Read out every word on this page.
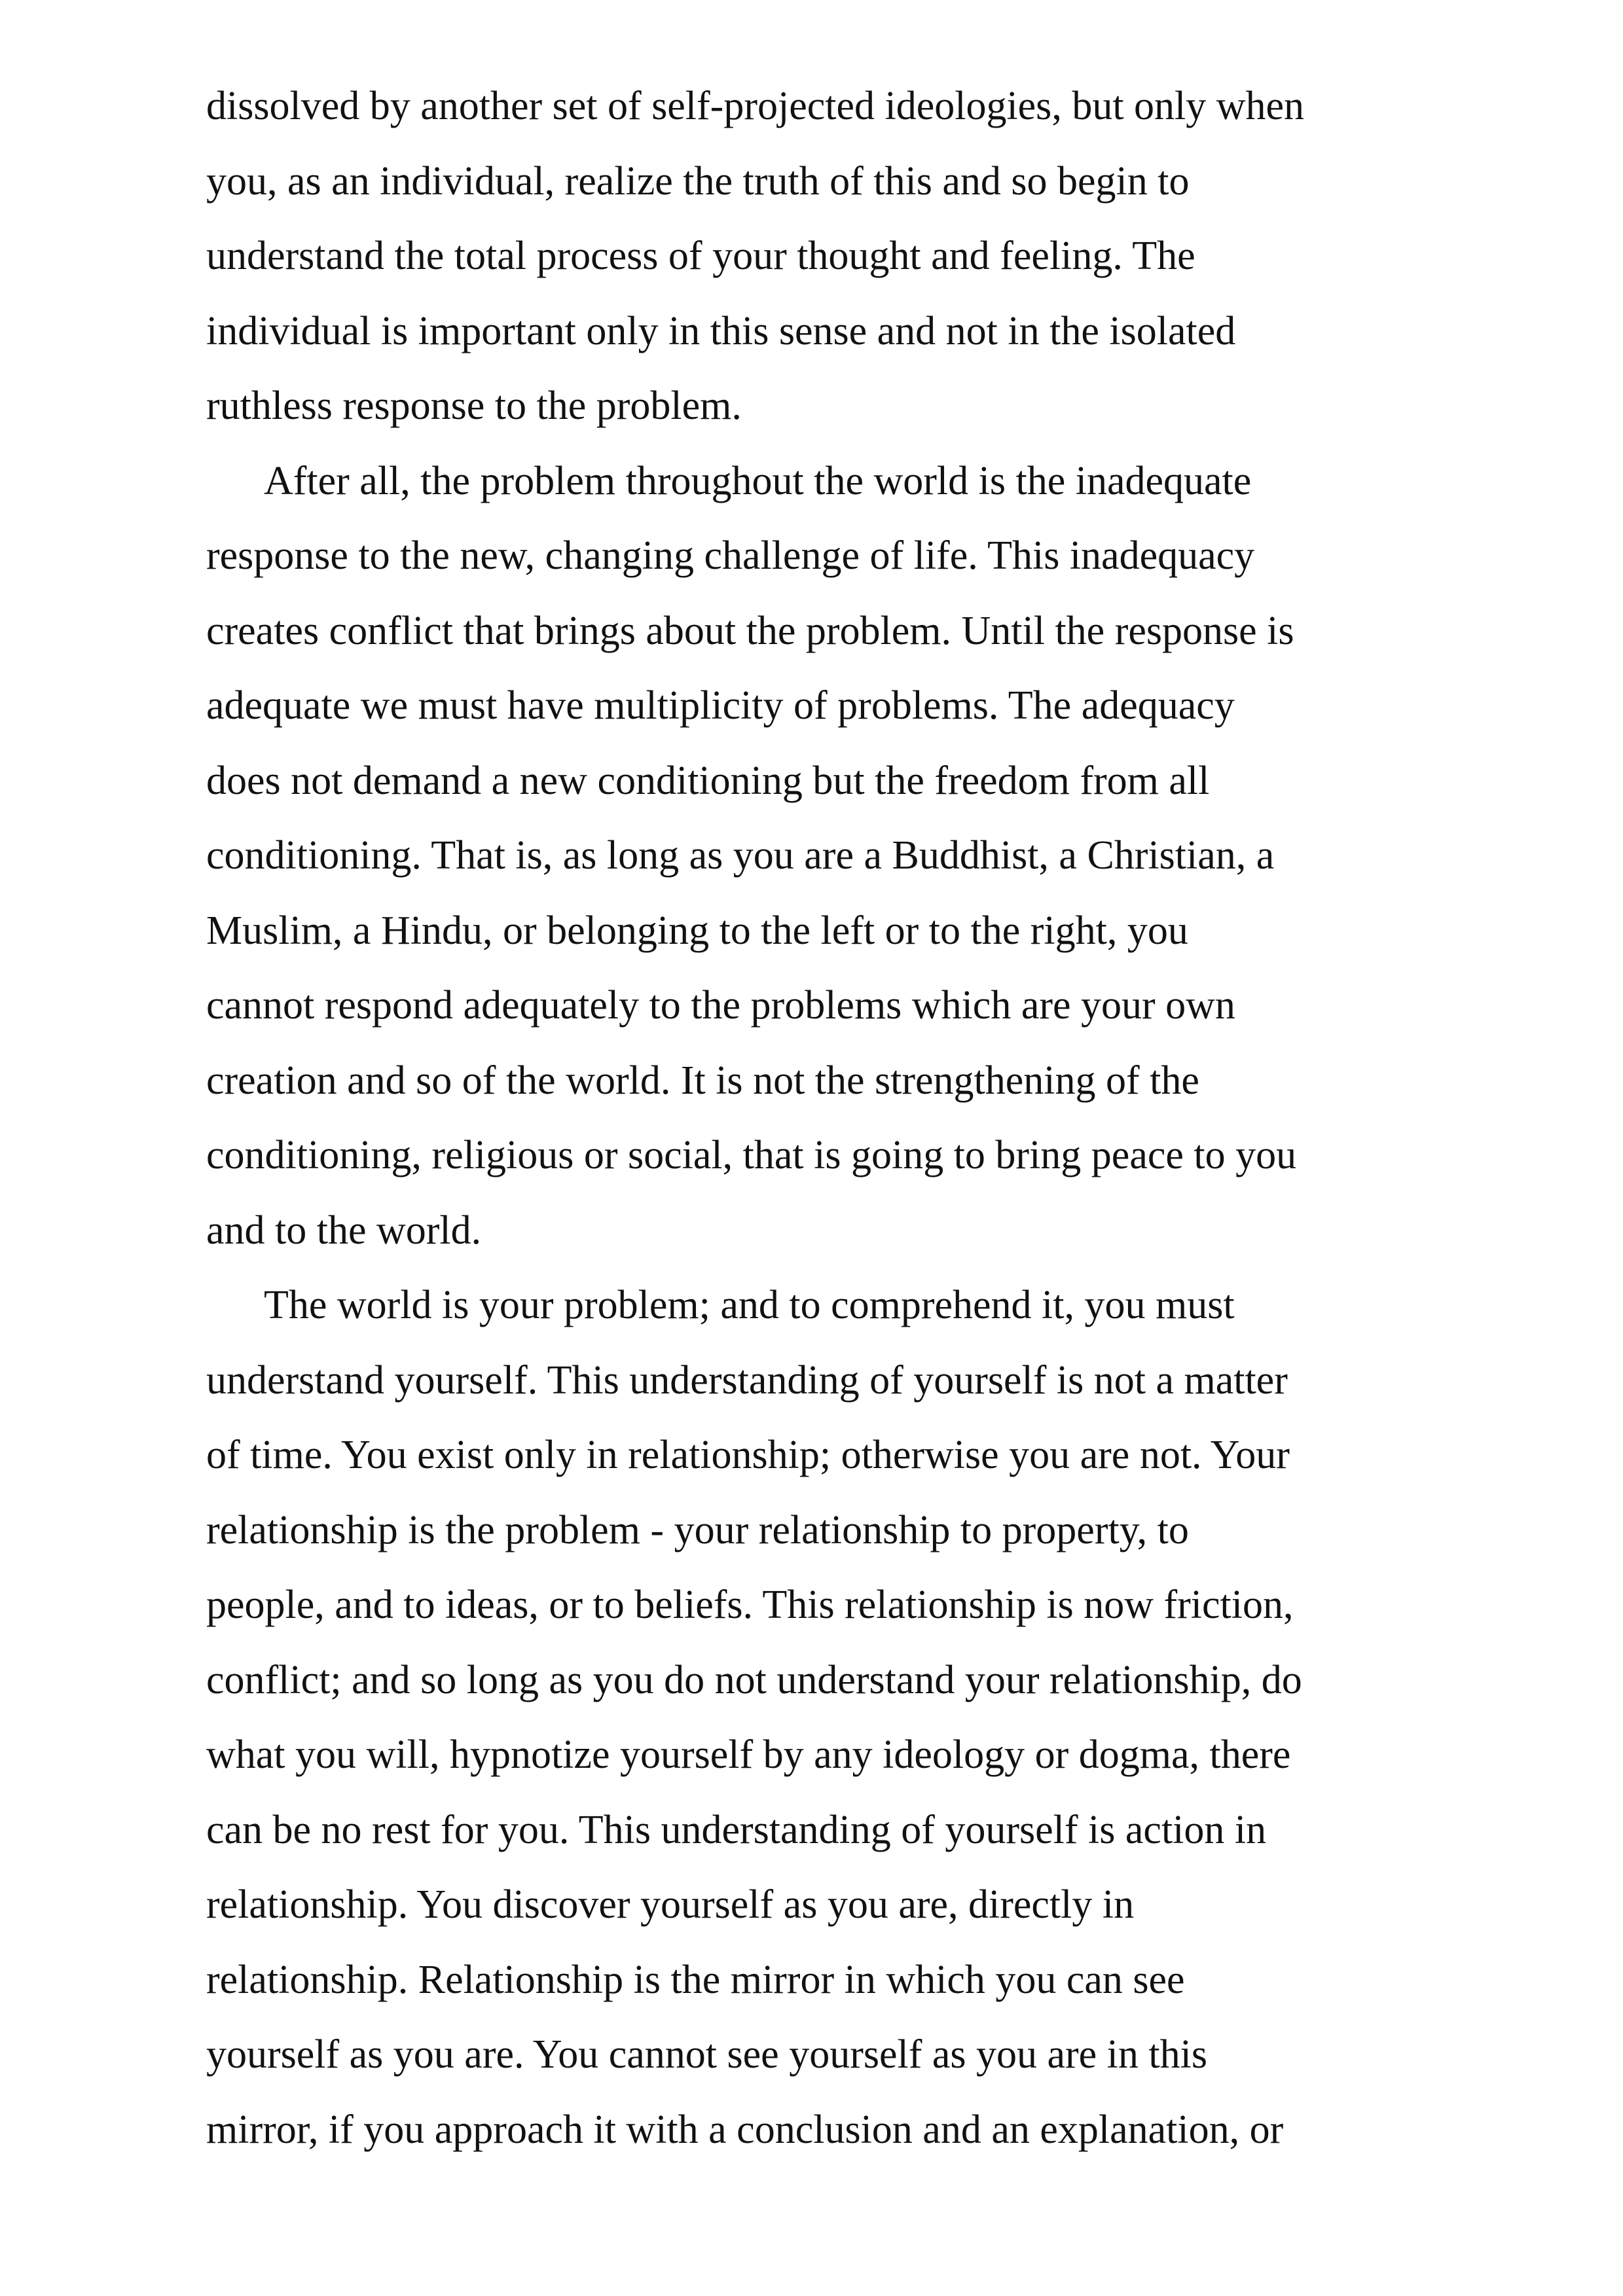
dissolved by another set of self-projected ideologies, but only when
you, as an individual, realize the truth of this and so begin to
understand the total process of your thought and feeling. The
individual is important only in this sense and not in the isolated
ruthless response to the problem.
After all, the problem throughout the world is the inadequate
response to the new, changing challenge of life. This inadequacy
creates conflict that brings about the problem. Until the response is
adequate we must have multiplicity of problems. The adequacy
does not demand a new conditioning but the freedom from all
conditioning. That is, as long as you are a Buddhist, a Christian, a
Muslim, a Hindu, or belonging to the left or to the right, you
cannot respond adequately to the problems which are your own
creation and so of the world. It is not the strengthening of the
conditioning, religious or social, that is going to bring peace to you
and to the world.
The world is your problem; and to comprehend it, you must
understand yourself. This understanding of yourself is not a matter
of time. You exist only in relationship; otherwise you are not. Your
relationship is the problem - your relationship to property, to
people, and to ideas, or to beliefs. This relationship is now friction,
conflict; and so long as you do not understand your relationship, do
what you will, hypnotize yourself by any ideology or dogma, there
can be no rest for you. This understanding of yourself is action in
relationship. You discover yourself as you are, directly in
relationship. Relationship is the mirror in which you can see
yourself as you are. You cannot see yourself as you are in this
mirror, if you approach it with a conclusion and an explanation, or
